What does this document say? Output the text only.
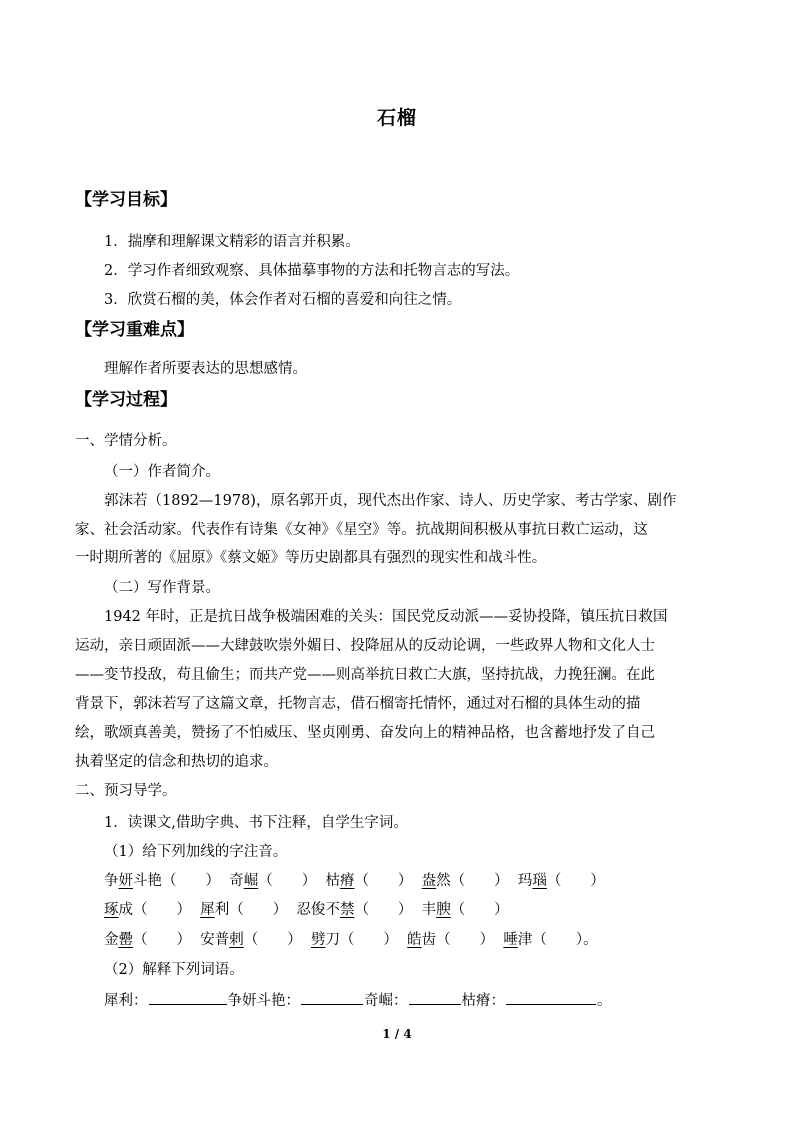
石榴
【学习目标】
1．揣摩和理解课文精彩的语言并积累。
2．学习作者细致观察、具体描摹事物的方法和托物言志的写法。
3．欣赏石榴的美，体会作者对石榴的喜爱和向往之情。
【学习重难点】
理解作者所要表达的思想感情。
【学习过程】
一、学情分析。
（一）作者简介。
郭沫若（1892—1978)，原名郭开贞，现代杰出作家、诗人、历史学家、考古学家、剧作
家、社会活动家。代表作有诗集《女神》《星空》等。抗战期间积极从事抗日救亡运动，这
一时期所著的《屈原》《蔡文姬》等历史剧都具有强烈的现实性和战斗性。
（二）写作背景。
1942 年时，正是抗日战争极端困难的关头：国民党反动派——妥协投降，镇压抗日救国
运动，亲日顽固派——大肆鼓吹崇外媚日、投降屈从的反动论调，一些政界人物和文化人士
——变节投敌，苟且偷生；而共产党——则高举抗日救亡大旗，坚持抗战，力挽狂澜。在此
背景下，郭沫若写了这篇文章，托物言志，借石榴寄托情怀，通过对石榴的具体生动的描
绘，歌颂真善美，赞扬了不怕威压、坚贞刚勇、奋发向上的精神品格，也含蓄地抒发了自己
执着坚定的信念和热切的追求。
二、预习导学。
1．读课文,借助字典、书下注释，自学生字词。
（1）给下列加线的字注音。
争妍斗艳（　　） 奇崛（　　） 枯瘠（　　） 盎然（　　） 玛瑙（　　）
琢成（　　） 犀利（　　） 忍俊不禁（　　） 丰腴（　　）
金罍（　　） 安普剌（　　） 劈刀（　　） 皓齿（　　） 唾津（　　）。
（2）解释下列词语。
犀利：	争妍斗艳：	奇崛：	枯瘠：	。
1 / 4
